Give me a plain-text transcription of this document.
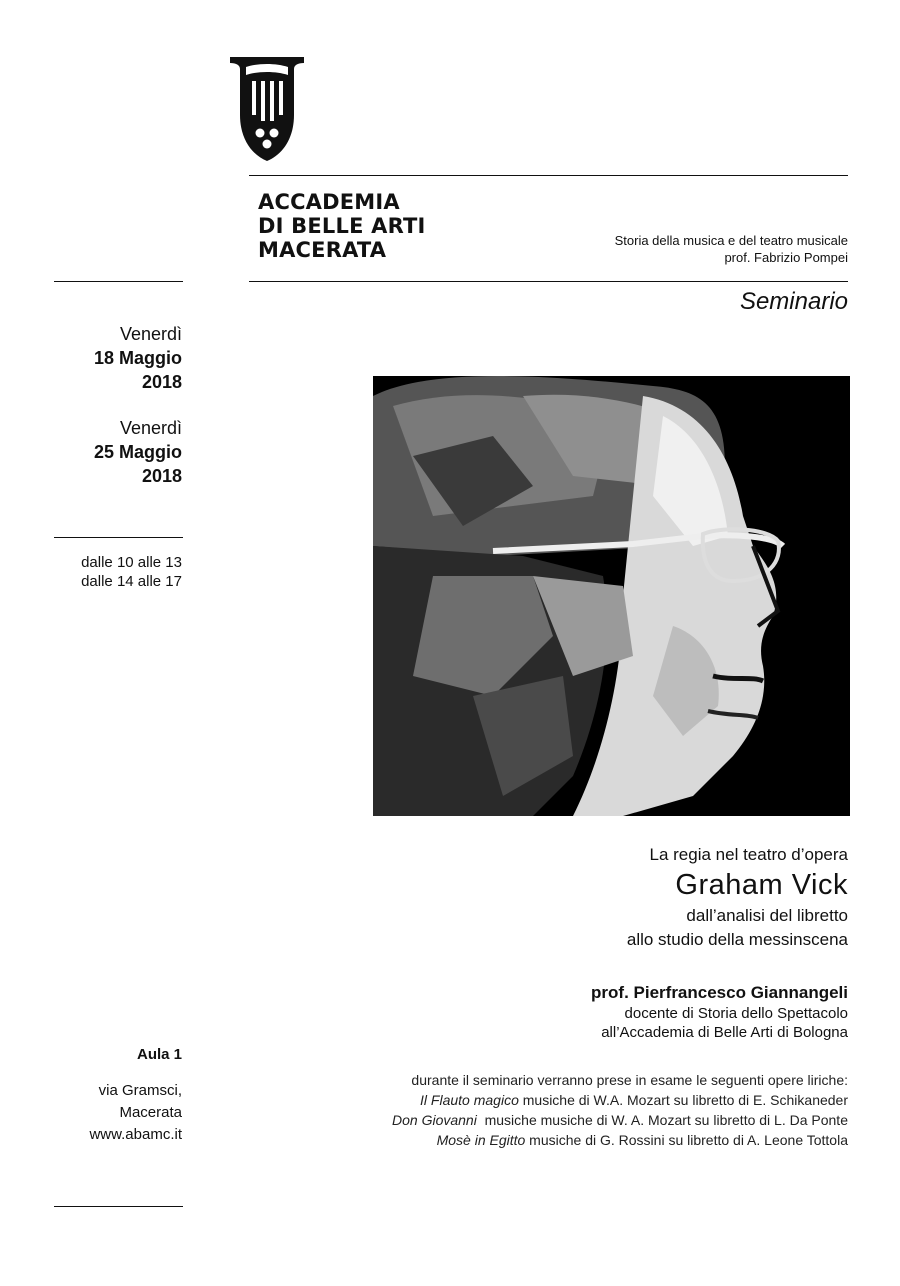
ACCADEMIA
DI BELLE ARTI
MACERATA	Storia della musica e del teatro musicale
prof. Fabrizio Pompei
Seminario
Venerdì
18 Maggio
2018
Venerdì
25 Maggio
2018
dalle 10 alle 13
dalle 14 alle 17
La regia nel teatro d’opera
Graham Vick
dall’analisi del libretto
allo studio della messinscena
prof. Pierfrancesco Giannangeli
docente di Storia dello Spettacolo
all’Accademia di Belle Arti di Bologna
durante il seminario verranno prese in esame le seguenti opere liriche:
Il Flauto magico musiche di W.A. Mozart su libretto di E. Schikaneder
Don Giovanni  musiche musiche di W. A. Mozart su libretto di L. Da Ponte
Mosè in Egitto musiche di G. Rossini su libretto di A. Leone Tottola
Aula 1
via Gramsci,
Macerata
www.abamc.it
